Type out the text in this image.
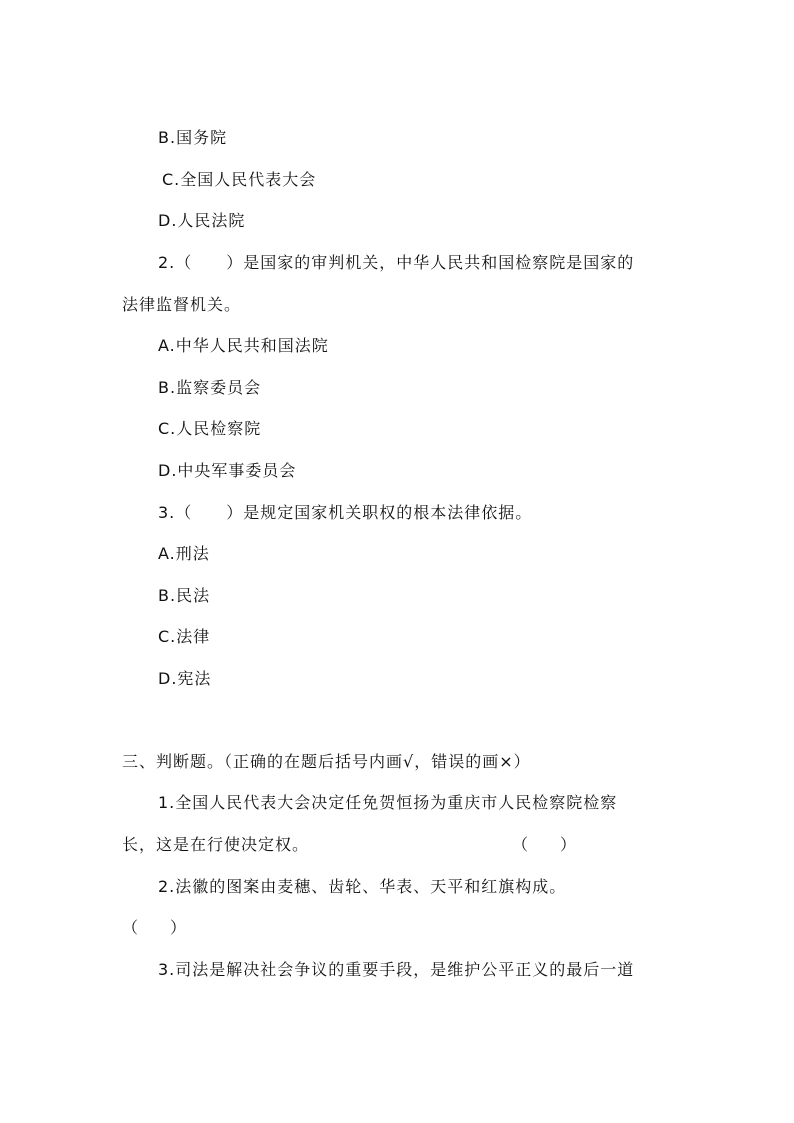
B.国务院
C.全国人民代表大会
D.人民法院
2.（　　）是国家的审判机关，中华人民共和国检察院是国家的
法律监督机关。
A.中华人民共和国法院
B.监察委员会
C.人民检察院
D.中央军事委员会
3.（　　）是规定国家机关职权的根本法律依据。
A.刑法
B.民法
C.法律
D.宪法
三、判断题。（正确的在题后括号内画√，错误的画×）
1.全国人民代表大会决定任免贺恒扬为重庆市人民检察院检察
长，这是在行使决定权。	（　　）
2.法徽的图案由麦穗、齿轮、华表、天平和红旗构成。
（　　）
3.司法是解决社会争议的重要手段，是维护公平正义的最后一道
